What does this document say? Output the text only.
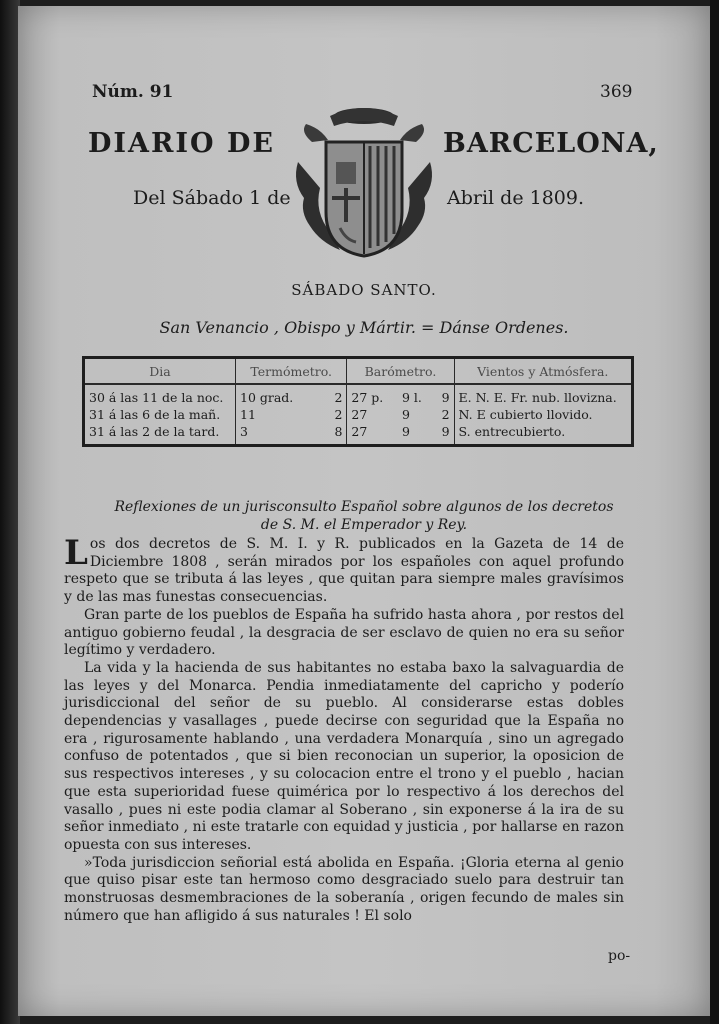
Núm. 91	369
DIARIO DE	BARCELONA,
Del Sábado 1 de	Abril de 1809.
SÁBADO SANTO.
San Venancio , Obispo y Mártir. = Dánse Ordenes.
Dia	Termómetro.		Barómetro.			Vientos y Atmósfera.
30 á las 11 de la noc.	10 grad.	2	27 p.	9 l.	9	E. N. E. Fr. nub. llovizna.
31 á las 6 de la mañ.	11	2	27	9	2	N. E cubierto llovido.
31 á las 2 de la tard.	3	8	27	9	9	S. entrecubierto.
Reflexiones de un jurisconsulto Español sobre algunos de los decretos
de S. M. el Emperador y Rey.

Los dos decretos de S. M. I. y R. publicados en la Gazeta de 14 de Diciembre 1808 , serán mirados por los españoles con aquel profundo respeto que se tributa á las leyes , que quitan para siempre males gravísimos y de las mas funestas consecuencias.

Gran parte de los pueblos de España ha sufrido hasta ahora , por restos del antiguo gobierno feudal , la desgracia de ser esclavo de quien no era su señor legítimo y verdadero.

La vida y la hacienda de sus habitantes no estaba baxo la salvaguardia de las leyes y del Monarca. Pendia inmediatamente del capricho y poderío jurisdiccional del señor de su pueblo. Al considerarse estas dobles dependencias y vasallages , puede decirse con seguridad que la España no era , rigurosamente hablando , una verdadera Monarquía , sino un agregado confuso de potentados , que si bien reconocian un superior, la oposicion de sus respectivos intereses , y su colocacion entre el trono y el pueblo , hacian que esta superioridad fuese quimérica por lo respectivo á los derechos del vasallo , pues ni este podia clamar al Soberano , sin exponerse á la ira de su señor inmediato , ni este tratarle con equidad y justicia , por hallarse en razon opuesta con sus intereses.

»Toda jurisdiccion señorial está abolida en España. ¡Gloria eterna al genio que quiso pisar este tan hermoso como desgraciado suelo para destruir tan monstruosas desmembraciones de la soberanía , origen fecundo de males sin número que han afligido á sus naturales ! El solo

po-
